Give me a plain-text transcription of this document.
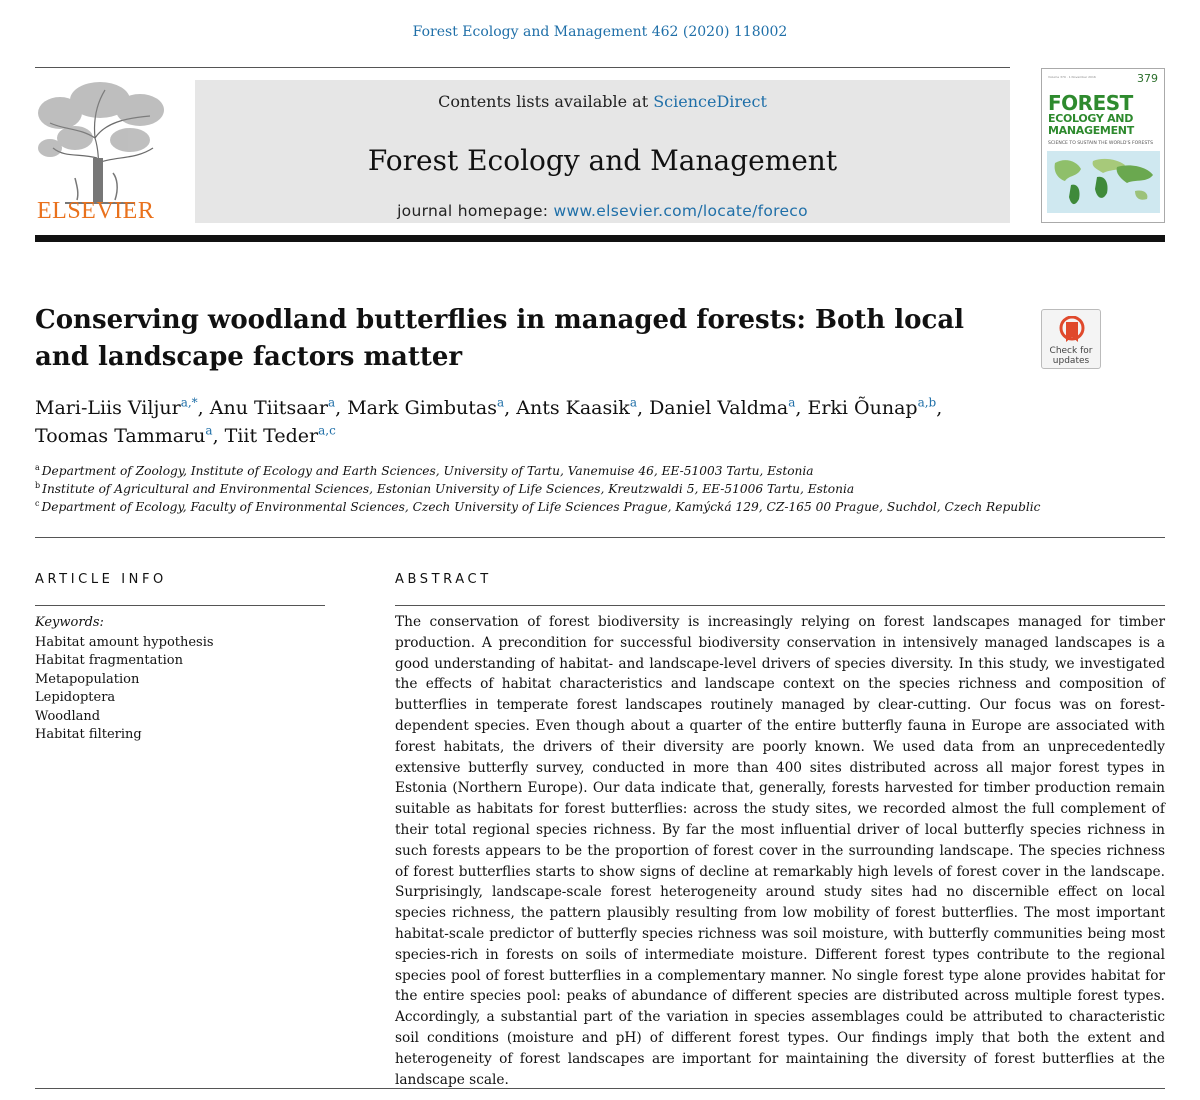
Forest Ecology and Management 462 (2020) 118002
ELSEVIER
Contents lists available at ScienceDirect
Forest Ecology and Management
journal homepage: www.elsevier.com/locate/foreco
Volume 379 · 1 November 2016	379
FOREST
ECOLOGY AND
MANAGEMENT
SCIENCE TO SUSTAIN THE WORLD'S FORESTS
Conserving woodland butterflies in managed forests: Both local and landscape factors matter	Check for
updates
Mari-Liis Viljur$^{a,*}$, Anu Tiitsaar$^a$, Mark Gimbutas$^a$, Ants Kaasik$^a$, Daniel Valdma$^a$, Erki Õunap$^{a,b}$,
Toomas Tammaru$^a$, Tiit Teder$^{a,c}$
$^a$ Department of Zoology, Institute of Ecology and Earth Sciences, University of Tartu, Vanemuise 46, EE-51003 Tartu, Estonia
$^b$ Institute of Agricultural and Environmental Sciences, Estonian University of Life Sciences, Kreutzwaldi 5, EE-51006 Tartu, Estonia
$^c$ Department of Ecology, Faculty of Environmental Sciences, Czech University of Life Sciences Prague, Kamýcká 129, CZ-165 00 Prague, Suchdol, Czech Republic
ARTICLE INFO
Keywords:
Habitat amount hypothesis
Habitat fragmentation
Metapopulation
Lepidoptera
Woodland
Habitat filtering
ABSTRACT

The conservation of forest biodiversity is increasingly relying on forest landscapes managed for timber production. A precondition for successful biodiversity conservation in intensively managed landscapes is a good understanding of habitat- and landscape-level drivers of species diversity. In this study, we investigated the effects of habitat characteristics and landscape context on the species richness and composition of butterflies in temperate forest landscapes routinely managed by clear-cutting. Our focus was on forest-dependent species. Even though about a quarter of the entire butterfly fauna in Europe are associated with forest habitats, the drivers of their diversity are poorly known. We used data from an unprecedentedly extensive butterfly survey, conducted in more than 400 sites distributed across all major forest types in Estonia (Northern Europe). Our data indicate that, generally, forests harvested for timber production remain suitable as habitats for forest butterflies: across the study sites, we recorded almost the full complement of their total regional species richness. By far the most influential driver of local butterfly species richness in such forests appears to be the proportion of forest cover in the surrounding landscape. The species richness of forest butterflies starts to show signs of decline at remarkably high levels of forest cover in the landscape. Surprisingly, landscape-scale forest heterogeneity around study sites had no discernible effect on local species richness, the pattern plausibly resulting from low mobility of forest butterflies. The most important habitat-scale predictor of butterfly species richness was soil moisture, with butterfly communities being most species-rich in forests on soils of intermediate moisture. Different forest types contribute to the regional species pool of forest butterflies in a complementary manner. No single forest type alone provides habitat for the entire species pool: peaks of abundance of different species are distributed across multiple forest types. Accordingly, a substantial part of the variation in species assemblages could be attributed to characteristic soil conditions (moisture and pH) of different forest types. Our findings imply that both the extent and heterogeneity of forest landscapes are important for maintaining the diversity of forest butterflies at the landscape scale.
